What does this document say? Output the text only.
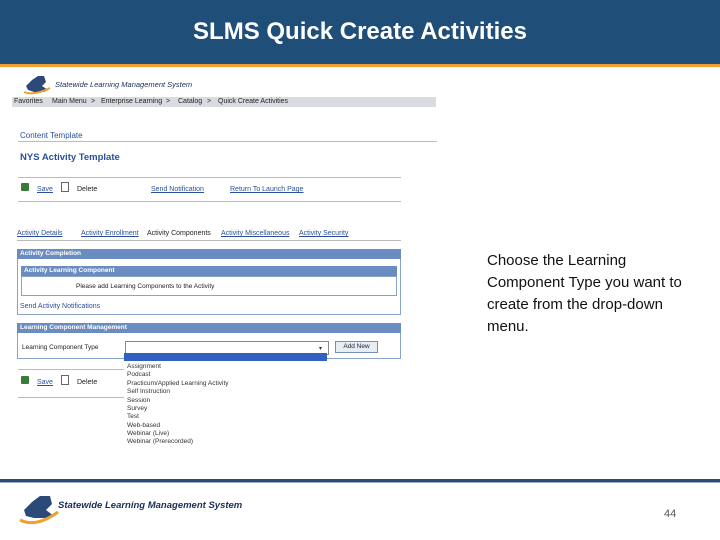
SLMS Quick Create Activities
Statewide Learning Management System
Favorites Main Menu > Enterprise Learning > Catalog > Quick Create Activities
Content Template
NYS Activity Template
Save	Delete	Send Notification	Return To Launch Page
Activity Details	Activity Enrollment Activity Components Activity Miscellaneous Activity Security
Activity Completion
Activity Learning Component
Please add Learning Components to the Activity
Send Activity Notifications
Learning Component Management
Learning Component Type	▾	Add New
Save	Delete
Assignment
Podcast
Practicum/Applied Learning Activity
Self Instruction
Session
Survey
Test
Web-based
Webinar (Live)
Webinar (Prerecorded)
Choose the Learning Component Type you want to create from the drop-down menu.
Statewide Learning Management System
44
